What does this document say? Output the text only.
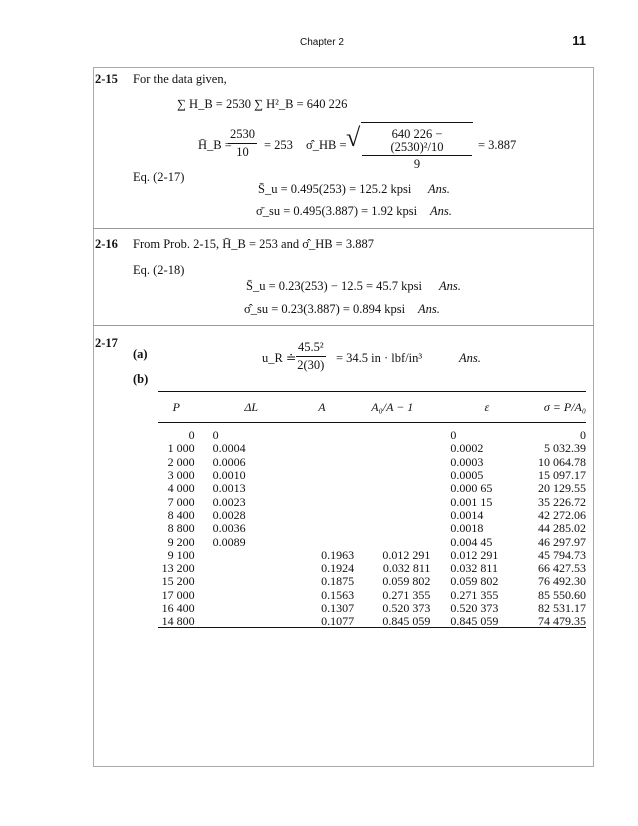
Chapter 2	11
2-15 For the data given,
∑ H_B = 2530 ∑ H²_B = 640 226
H̄_B =
$\frac{2530}{10} = 253$ σ̂_HB = √ $\frac{\text{640 226 − (2530)²/10}}{9} = 3.887$
Eq. (2-17)
S̄_u = 0.495(253) = 125.2 kpsi Ans.
σ̄_su = 0.495(3.887) = 1.92 kpsi Ans.
2-16 From Prob. 2-15, H̄_B = 253 and σ̂_HB = 3.887
Eq. (2-18)
S̄_u = 0.23(253) − 12.5 = 45.7 kpsi Ans.
σ̂_su = 0.23(3.887) = 0.894 kpsi Ans.
2-17
(a)	u_R ≐ $\frac{\text{45.5²}}{2(30)} = 34.5$ in · lbf/in³	Ans.
(b)
P	ΔL	A	A₀/A − 1	ε	σ = P/A₀
0	0			0	0
1 000	0.0004			0.0002	5 032.39
2 000	0.0006			0.0003	10 064.78
3 000	0.0010			0.0005	15 097.17
4 000	0.0013			0.000 65	20 129.55
7 000	0.0023			0.001 15	35 226.72
8 400	0.0028			0.0014	42 272.06
8 800	0.0036			0.0018	44 285.02
9 200	0.0089			0.004 45	46 297.97
9 100		0.1963	0.012 291	0.012 291	45 794.73
13 200		0.1924	0.032 811	0.032 811	66 427.53
15 200		0.1875	0.059 802	0.059 802	76 492.30
17 000		0.1563	0.271 355	0.271 355	85 550.60
16 400		0.1307	0.520 373	0.520 373	82 531.17
14 800		0.1077	0.845 059	0.845 059	74 479.35
